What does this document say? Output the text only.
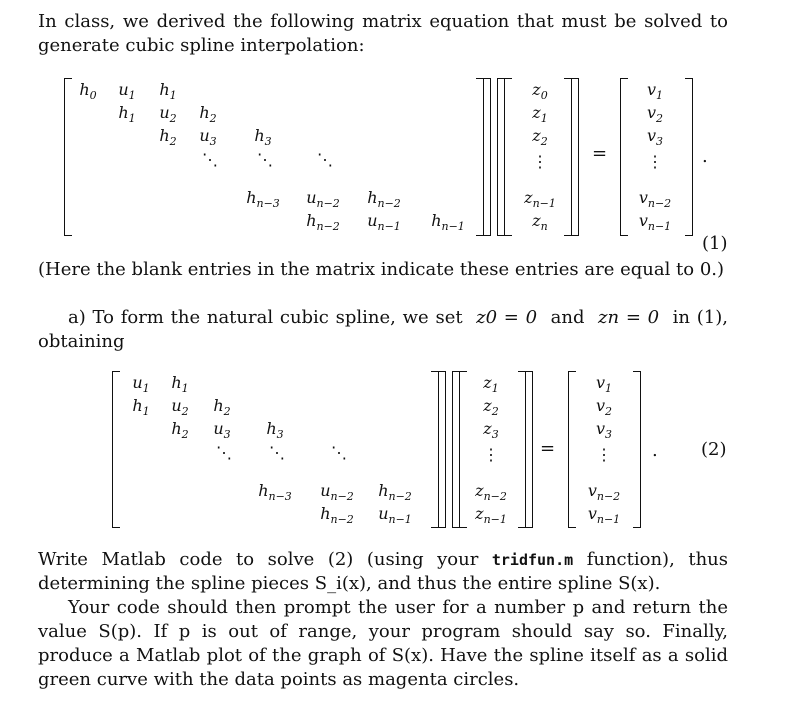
In class, we derived the following matrix equation that must be solved to generate cubic spline interpolation:

$h_0$ $u_1$ $h_1$
$h_1$ $u_2$ $h_2$
$h_2$ $u_3$ $h_3$
⋱ ⋱	⋱
$h_{n-3}$ $u_{n-2}$ $h_{n-2}$
$h_{n-2}$ $u_{n-1}$ $h_{n-1}$
$z_0$
$z_1$
$z_2$
⋮
$z_{n-1}$
$z_n$
=
$v_1$
$v_2$
$v_3$
⋮
$v_{n-2}$
$v_{n-1}$
.
(1)

(Here the blank entries in the matrix indicate these entries are equal to 0.)

a) To form the natural cubic spline, we set z0 = 0 and zn = 0 in (1), obtaining

$u_1$ $h_1$
$h_1$ $u_2$ $h_2$
$h_2$ $u_3$ $h_3$
⋱ ⋱	⋱
$h_{n-3}$ $u_{n-2}$ $h_{n-2}$
$h_{n-2}$ $u_{n-1}$
$z_1$
$z_2$
$z_3$
⋮
$z_{n-2}$
$z_{n-1}$
=
$v_1$
$v_2$
$v_3$
⋮
$v_{n-2}$
$v_{n-1}$
. (2)

Write Matlab code to solve (2) (using your tridfun.m function), thus determining the spline pieces S_i(x), and thus the entire spline S(x).

Your code should then prompt the user for a number p and return the value S(p). If p is out of range, your program should say so. Finally, produce a Matlab plot of the graph of S(x). Have the spline itself as a solid green curve with the data points as magenta circles.
